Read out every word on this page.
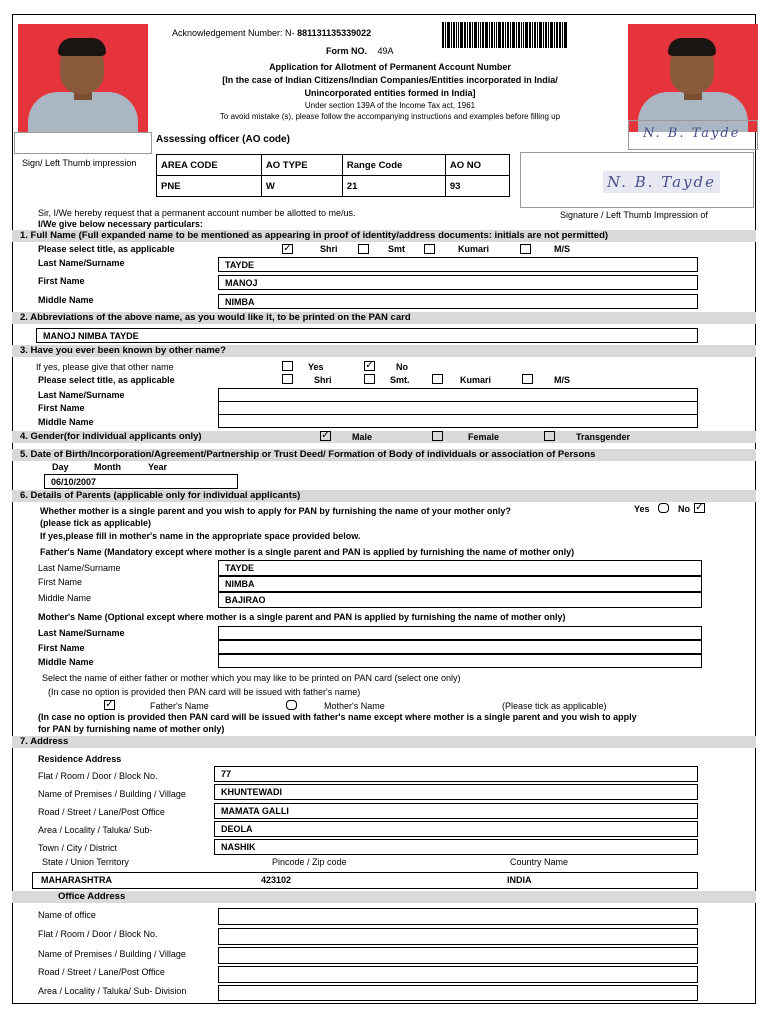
Sign/ Left Thumb impression
N. B. Tayde
N. B. Tayde
Signature / Left Thumb Impression of
Acknowledgement Number: N- 881131135339022
Form NO. 49A
Application for Allotment of Permanent Account Number
[In the case of Indian Citizens/Indian Companies/Entities incorporated in India/
Unincorporated entities formed in India]
Under section 139A of the Income Tax act, 1961
To avoid mistake (s), please follow the accompanying instructions and examples before filling up
Assessing officer (AO code)
AREA CODE	AO TYPE	Range Code	AO NO
PNE	W	21	93
Sir, I/We hereby request that a permanent account number be allotted to me/us.
I/We give below necessary particulars:
1. Full Name (Full expanded name to be mentioned as appearing in proof of identity/address documents: initials are not permitted)
Please select title, as applicable	✓	Shri	Smt	Kumari	M/S
Last Name/Surname	TAYDE
First Name	MANOJ
Middle Name	NIMBA
2. Abbreviations of the above name, as you would like it, to be printed on the PAN card
MANOJ NIMBA TAYDE
3. Have you ever been known by other name?
If yes, please give that other name	Yes	✓ No
Please select title, as applicable	Shri	Smt.	Kumari	M/S
Last Name/Surname
First Name
Middle Name
4. Gender(for individual applicants only)	✓ Male	Female	Transgender
5. Date of Birth/Incorporation/Agreement/Partnership or Trust Deed/ Formation of Body of individuals or association of Persons
Day	Month	Year
06/10/2007
6. Details of Parents (applicable only for individual applicants)
Whether mother is a single parent and you wish to apply for PAN by furnishing the name of your mother only?	Yes	No ✓
(please tick as applicable)
If yes,please fill in mother's name in the appropriate space provided below.
Father's Name (Mandatory except where mother is a single parent and PAN is applied by furnishing the name of mother only)
Last Name/Surname	TAYDE
First Name	NIMBA
Middle Name	BAJIRAO
Mother's Name (Optional except where mother is a single parent and PAN is applied by furnishing the name of mother only)
Last Name/Surname
First Name
Middle Name
Select the name of either father or mother which you may like to be printed on PAN card (select one only)
(In case no option is provided then PAN card will be issued with father's name)
✓	Father's Name	Mother's Name	(Please tick as applicable)
(In case no option is provided then PAN card will be issued with father's name except where mother is a single parent and you wish to apply
for PAN by furnishing name of mother only)
7. Address
Residence Address
Flat / Room / Door / Block No.	77
Name of Premises / Building / Village	KHUNTEWADI
Road / Street / Lane/Post Office	MAMATA GALLI
Area / Locality / Taluka/ Sub-	DEOLA
Town / City / District	NASHIK
State / Union Territory	Pincode / Zip code	Country Name
MAHARASHTRA	423102	INDIA
Office Address
Name of office
Flat / Room / Door / Block No.
Name of Premises / Building / Village
Road / Street / Lane/Post Office
Area / Locality / Taluka/ Sub- Division
